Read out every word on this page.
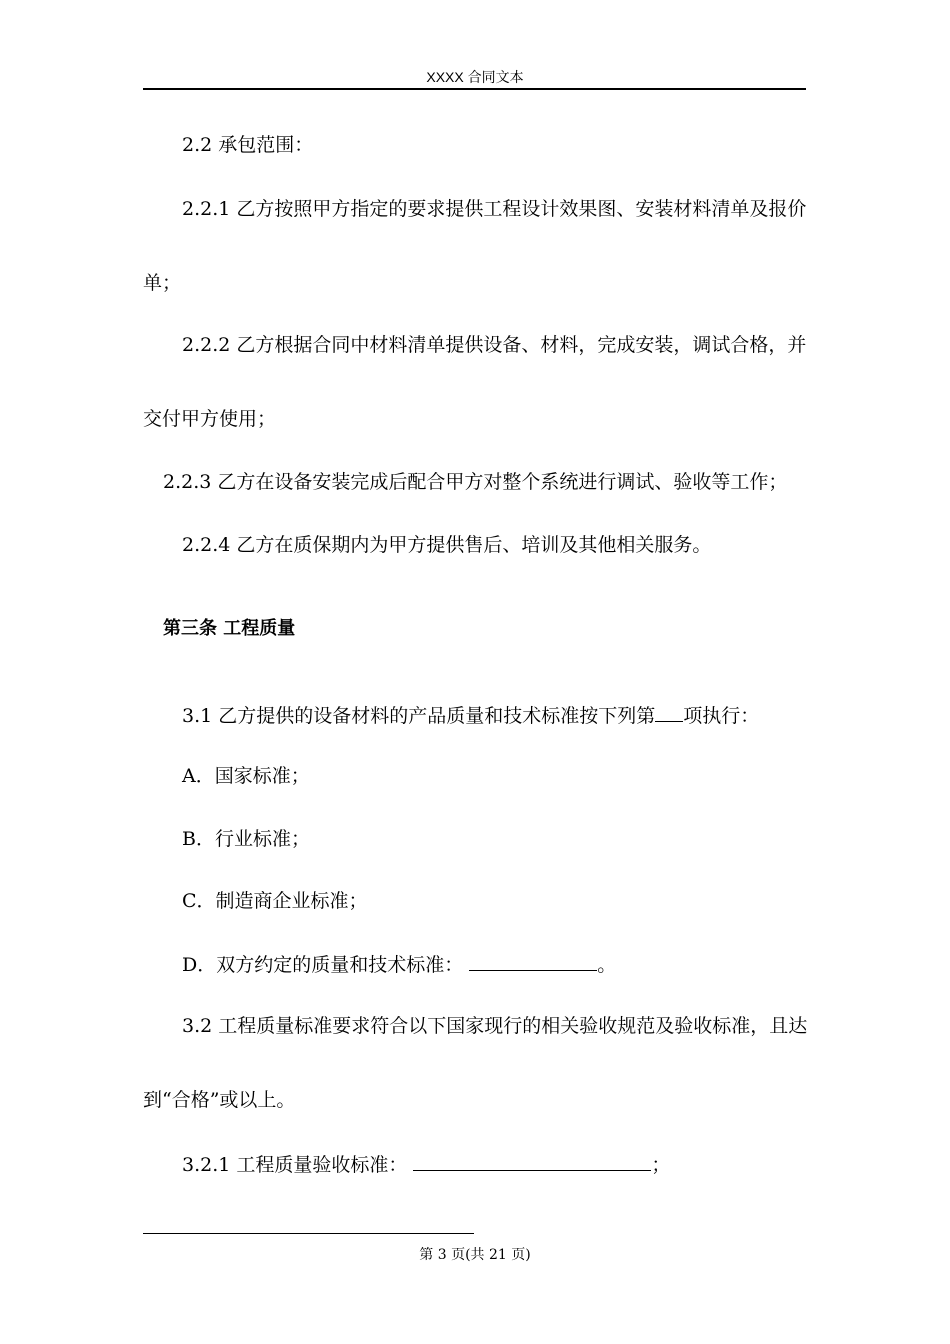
XXXX 合同文本
2.2 承包范围：
2.2.1 乙方按照甲方指定的要求提供工程设计效果图、安装材料清单及报价
单；
2.2.2 乙方根据合同中材料清单提供设备、材料，完成安装，调试合格，并
交付甲方使用；
2.2.3 乙方在设备安装完成后配合甲方对整个系统进行调试、验收等工作；
2.2.4 乙方在质保期内为甲方提供售后、培训及其他相关服务。
第三条 工程质量
3.1 乙方提供的设备材料的产品质量和技术标准按下列第 项执行：
A．国家标准；
B．行业标准；
C．制造商企业标准；
D．双方约定的质量和技术标准：	。
3.2 工程质量标准要求符合以下国家现行的相关验收规范及验收标准，且达
到“合格”或以上。
3.2.1 工程质量验收标准：	；
第 3 页(共 21 页)
